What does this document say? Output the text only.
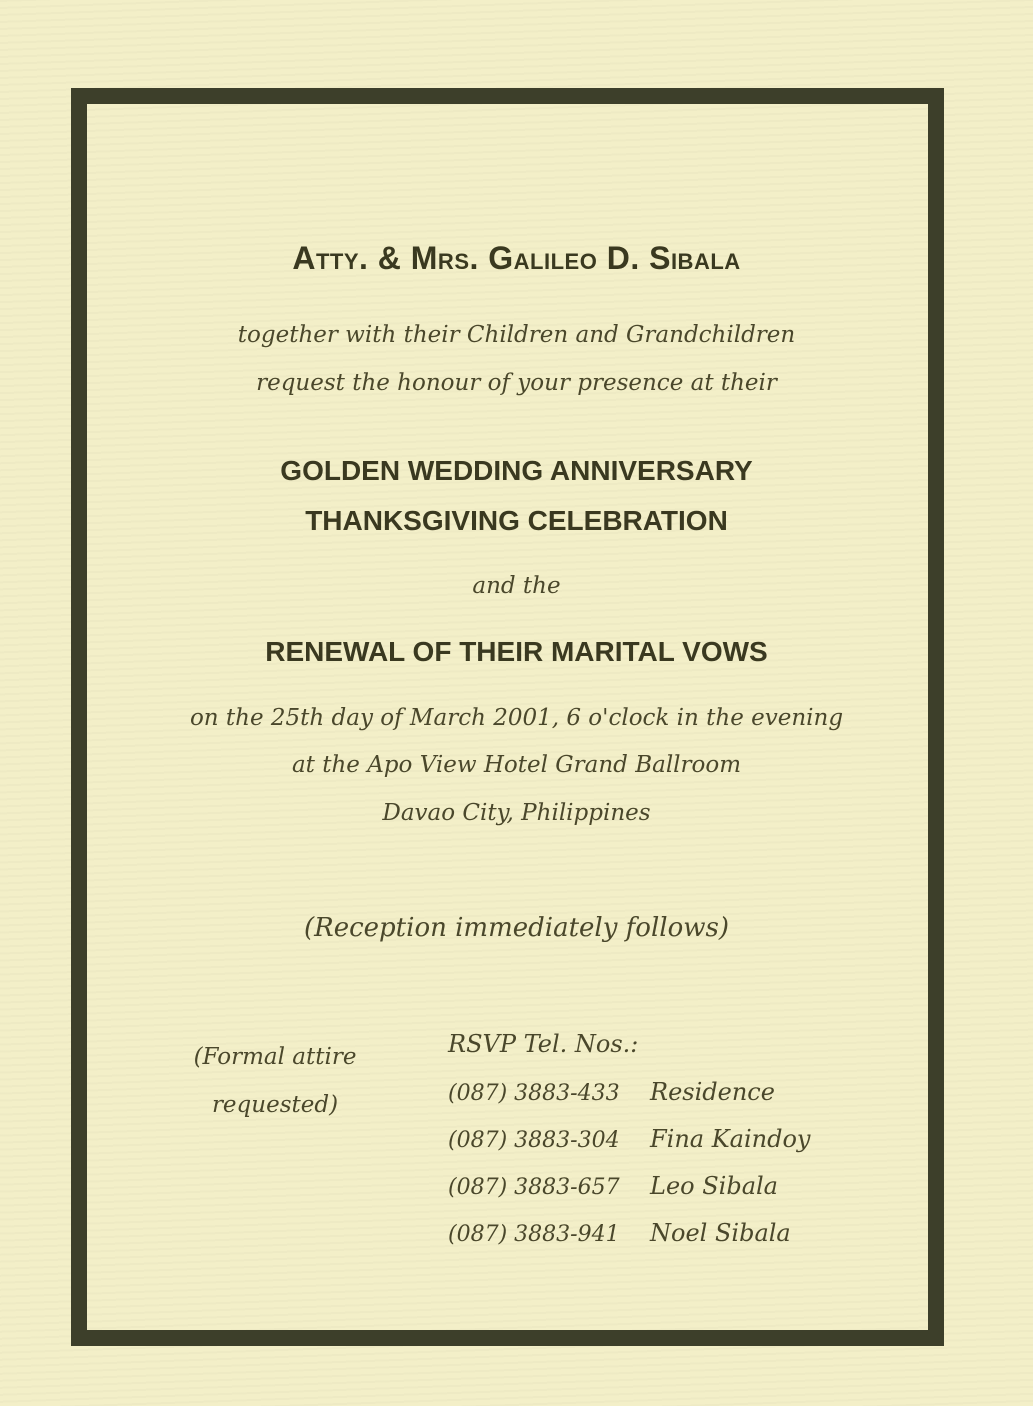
Atty. & Mrs. Galileo D. Sibala
together with their Children and Grandchildren
request the honour of your presence at their
GOLDEN WEDDING ANNIVERSARY
THANKSGIVING CELEBRATION
and the
RENEWAL OF THEIR MARITAL VOWS
on the 25th day of March 2001, 6 o'clock in the evening
at the Apo View Hotel Grand Ballroom
Davao City, Philippines
(Reception immediately follows)
(Formal attire
requested)
RSVP Tel. Nos.:
(087) 3883-433 Residence
(087) 3883-304 Fina Kaindoy
(087) 3883-657 Leo Sibala
(087) 3883-941 Noel Sibala
